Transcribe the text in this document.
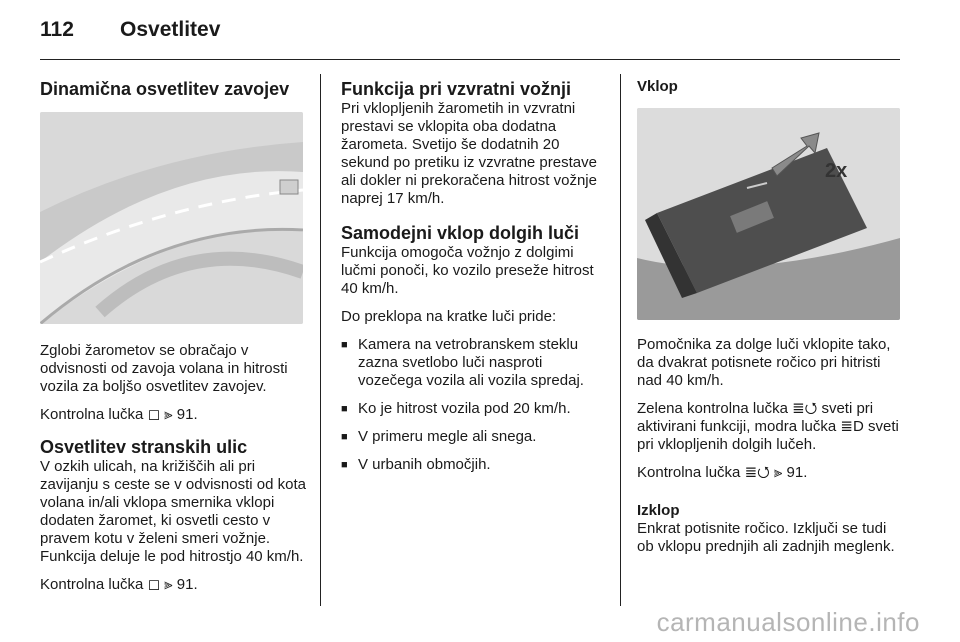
112	Osvetlitev
Dinamična osvetlitev zavojev

Zglobi žarometov se obračajo v odvisnosti od zavoja volana in hitrosti vozila za boljšo osvetlitev zavojev.

Kontrolna lučka ◻ ⫸ 91.

Osvetlitev stranskih ulic

V ozkih ulicah, na križiščih ali pri zavijanju s ceste se v odvisnosti od kota volana in/ali vklopa smernika vklopi dodaten žaromet, ki osvetli cesto v pravem kotu v želeni smeri vožnje. Funkcija deluje le pod hitrostjo 40 km/h.

Kontrolna lučka ◻ ⫸ 91.

Funkcija pri vzvratni vožnji

Pri vklopljenih žarometih in vzvratni prestavi se vklopita oba dodatna žarometa. Svetijo še dodatnih 20 sekund po pretiku iz vzvratne prestave ali dokler ni prekoračena hitrost vožnje naprej 17 km/h.

Samodejni vklop dolgih luči

Funkcija omogoča vožnjo z dolgimi lučmi ponoči, ko vozilo preseže hitrost 40 km/h.

Do preklopa na kratke luči pride:

■ Kamera na vetrobranskem steklu zazna svetlobo luči nasproti vozečega vozila ali vozila spredaj.
■ Ko je hitrost vozila pod 20 km/h.
■ V primeru megle ali snega.
■ V urbanih območjih.
Vklop
2x

Pomočnika za dolge luči vklopite tako, da dvakrat potisnete ročico pri hitristi nad 40 km/h.

Zelena kontrolna lučka ≣⭯ sveti pri aktivirani funkciji, modra lučka ≣D sveti pri vklopljenih dolgih lučeh.

Kontrolna lučka ≣⭯ ⫸ 91.

Izklop

Enkrat potisnite ročico. Izključi se tudi ob vklopu prednjih ali zadnjih meglenk.

carmanualsonline.info
